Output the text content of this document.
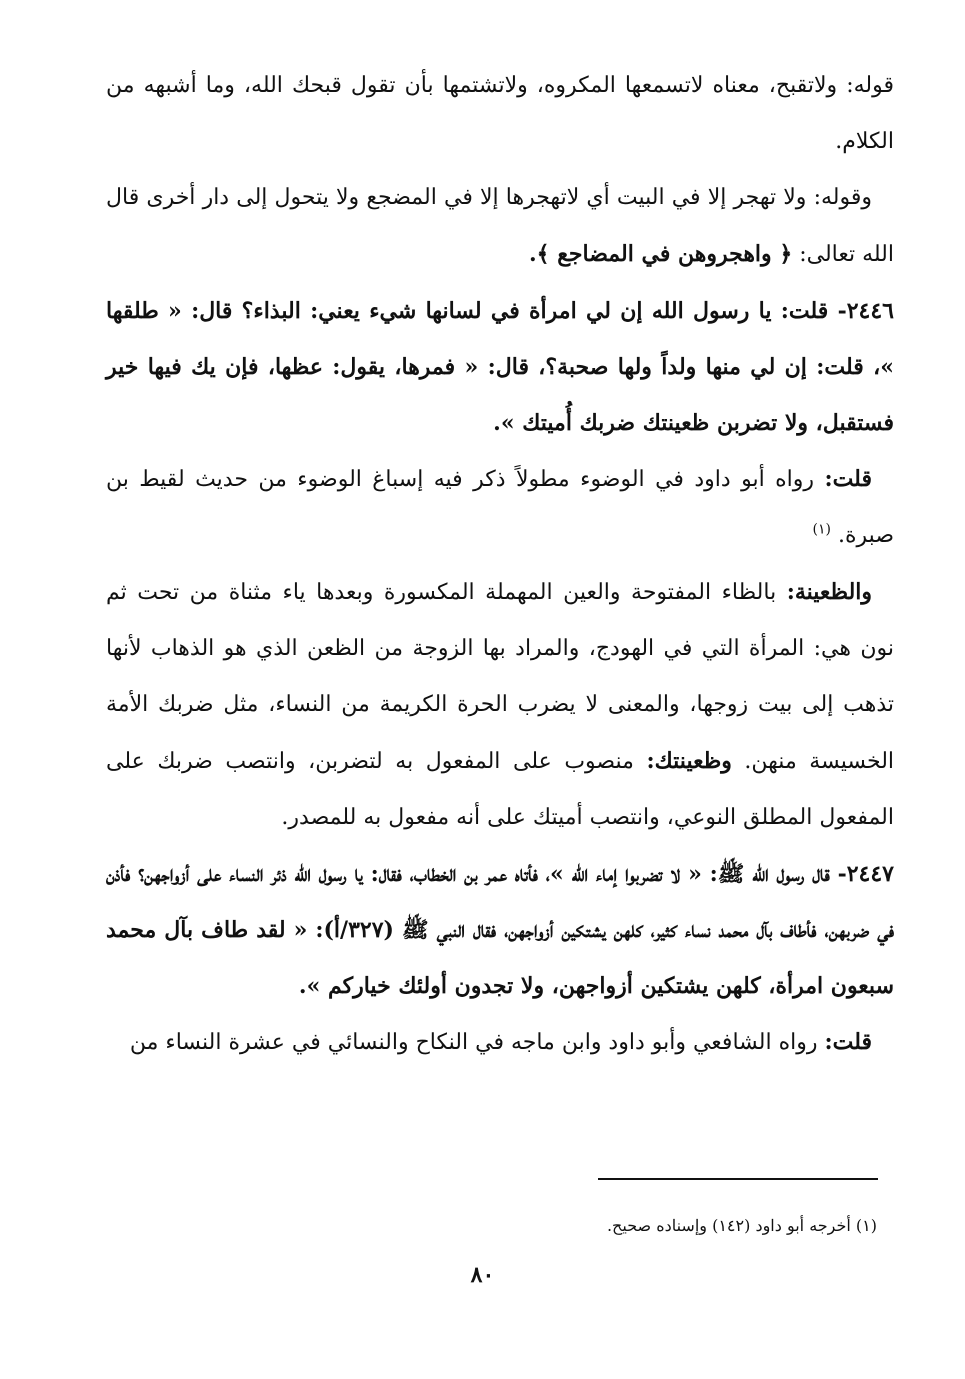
قوله: ولاتقبح، معناه لاتسمعها المكروه، ولاتشتمها بأن تقول قبحك الله، وما أشبهه من الكلام.

وقوله: ولا تهجر إلا في البيت أي لاتهجرها إلا في المضجع ولا يتحول إلى دار أخرى قال الله تعالى: ﴿ واهجروهن في المضاجع ﴾.

٢٤٤٦- قلت: يا رسول الله إن لي امرأة في لسانها شيء يعني: البذاء؟ قال: « طلقها »، قلت: إن لي منها ولداً ولها صحبة؟، قال: « فمرها، يقول: عظها، فإن يك فيها خير فستقبل، ولا تضربن ظعينتك ضربك أُميتك ».

قلت: رواه أبو داود في الوضوء مطولاً ذكر فيه إسباغ الوضوء من حديث لقيط بن صبرة. $^{(١)}$

والظعينة: بالظاء المفتوحة والعين المهملة المكسورة وبعدها ياء مثناة من تحت ثم نون هي: المرأة التي في الهودج، والمراد بها الزوجة من الظعن الذي هو الذهاب لأنها تذهب إلى بيت زوجها، والمعنى لا يضرب الحرة الكريمة من النساء، مثل ضربك الأمة الخسيسة منهن. وظعينتك: منصوب على المفعول به لتضربن، وانتصب ضربك على المفعول المطلق النوعي، وانتصب أميتك على أنه مفعول به للمصدر.

٢٤٤٧- قال رسول الله ﷺ: « لا تضربوا إماء الله »، فأتاه عمر بن الخطاب، فقال: يا رسول الله ذئر النساء على أزواجهن؟ فأذن في ضربهن، فأطاف بآل محمد نساء كثير، كلهن يشتكين أزواجهن، فقال النبي ﷺ (٣٢٧/أ): « لقد طاف بآل محمد سبعون امرأة، كلهن يشتكين أزواجهن، ولا تجدون أولئك خياركم ».

قلت: رواه الشافعي وأبو داود وابن ماجه في النكاح والنسائي في عشرة النساء من

(١) أخرجه أبو داود (١٤٢) وإسناده صحيح.
٨٠
